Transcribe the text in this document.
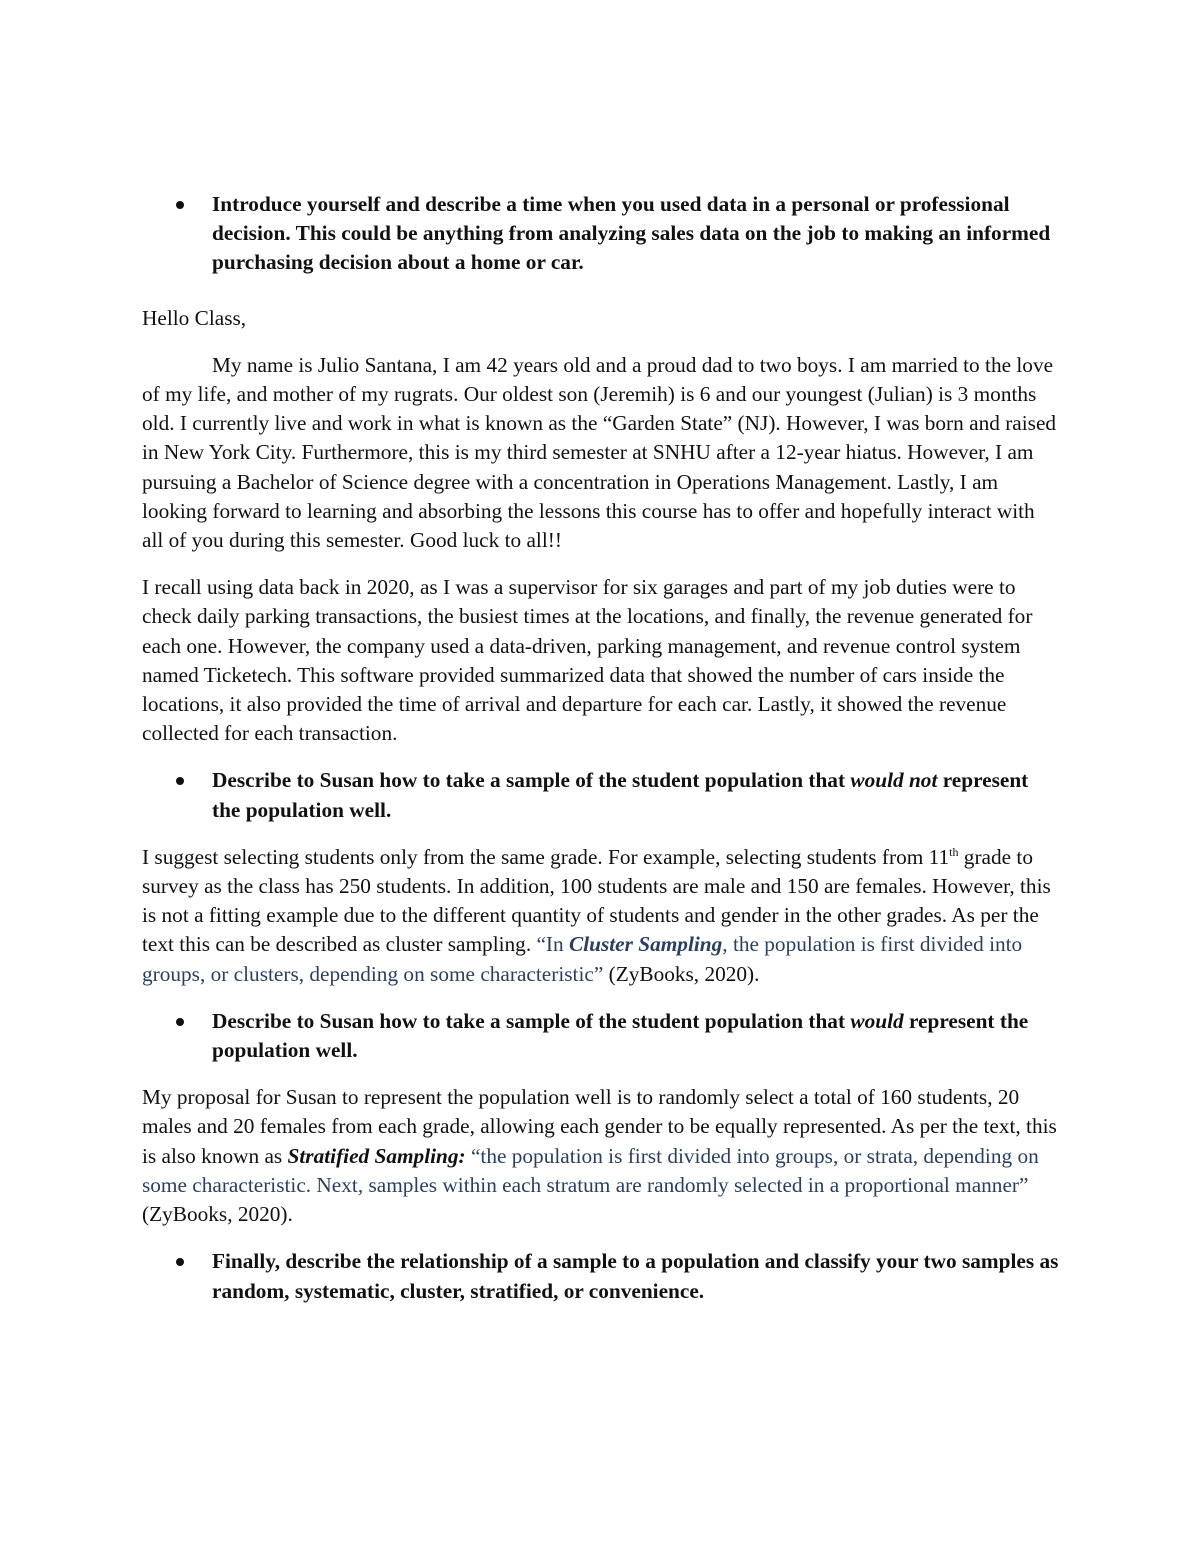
Introduce yourself and describe a time when you used data in a personal or professional decision. This could be anything from analyzing sales data on the job to making an informed purchasing decision about a home or car.

Hello Class,

My name is Julio Santana, I am 42 years old and a proud dad to two boys. I am married to the love of my life, and mother of my rugrats. Our oldest son (Jeremih) is 6 and our youngest (Julian) is 3 months old. I currently live and work in what is known as the “Garden State” (NJ). However, I was born and raised in New York City. Furthermore, this is my third semester at SNHU after a 12-year hiatus. However, I am pursuing a Bachelor of Science degree with a concentration in Operations Management. Lastly, I am looking forward to learning and absorbing the lessons this course has to offer and hopefully interact with all of you during this semester. Good luck to all!!

I recall using data back in 2020, as I was a supervisor for six garages and part of my job duties were to check daily parking transactions, the busiest times at the locations, and finally, the revenue generated for each one. However, the company used a data-driven, parking management, and revenue control system named Ticketech. This software provided summarized data that showed the number of cars inside the locations, it also provided the time of arrival and departure for each car. Lastly, it showed the revenue collected for each transaction.

Describe to Susan how to take a sample of the student population that would not represent the population well.

I suggest selecting students only from the same grade. For example, selecting students from 11th grade to survey as the class has 250 students. In addition, 100 students are male and 150 are females. However, this is not a fitting example due to the different quantity of students and gender in the other grades. As per the text this can be described as cluster sampling. “In Cluster Sampling, the population is first divided into groups, or clusters, depending on some characteristic” (ZyBooks, 2020).

Describe to Susan how to take a sample of the student population that would represent the population well.

My proposal for Susan to represent the population well is to randomly select a total of 160 students, 20 males and 20 females from each grade, allowing each gender to be equally represented. As per the text, this is also known as Stratified Sampling: “the population is first divided into groups, or strata, depending on some characteristic. Next, samples within each stratum are randomly selected in a proportional manner” (ZyBooks, 2020).

Finally, describe the relationship of a sample to a population and classify your two samples as random, systematic, cluster, stratified, or convenience.
